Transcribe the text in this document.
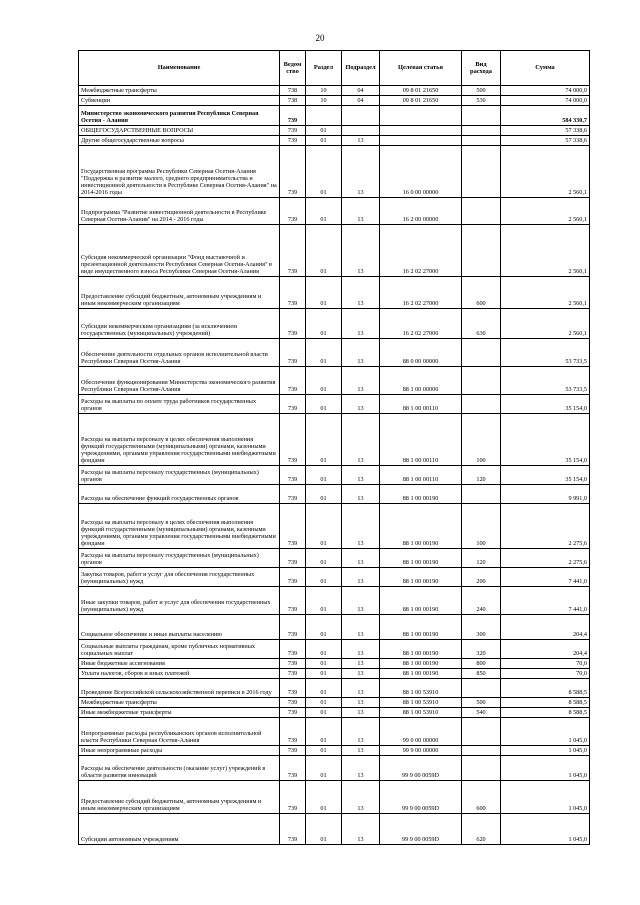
20
Наименование	Ведом ство	Раздел	Подраздел	Целевая статья	Вид расхода	Сумма
Межбюджетные трансферты	738	10	04	09 8 01 21650	500	74 000,0
Субвенции	738	10	04	09 8 01 21650	530	74 000,0
Министерство экономического развития Республики Северная Осетия - Алания	739					584 330,7
ОБЩЕГОСУДАРСТВЕННЫЕ ВОПРОСЫ	739	01				57 338,6
Другие общегосударственные вопросы	739	01	13			57 338,6
Государственная программа Республики Северная Осетия-Алания "Поддержка и развитие малого, среднего предпринимательства и инвестиционной деятельности в Республике Северная Осетия-Алания" на 2014-2016 годы	739	01	13	16 0 00 00000		2 560,1
Подпрограмма "Развитие инвестиционной деятельности в Республике Северная Осетия-Алания" на 2014 - 2016 годы	739	01	13	16 2 00 00000		2 560,1
Субсидия некоммерческой организации "Фонд выставочной и презентационной деятельности Республики Северная Осетия-Алания" в виде имущественного взноса Республики Северная Осетия-Алания	739	01	13	16 2 02 27000		2 560,1
Предоставление субсидий бюджетным, автономным учреждениям и иным некоммерческим организациям	739	01	13	16 2 02 27000	600	2 560,1
Субсидии некоммерческим организациям (за исключением государственных (муниципальных) учреждений)	739	01	13	16 2 02 27000	630	2 560,1
Обеспечение деятельности отдельных органов исполнительной власти Республики Северная Осетия-Алания	739	01	13	88 0 00 00000		53 733,5
Обеспечение функционирования Министерства экономического развития Республики Северная Осетия-Алания	739	01	13	88 1 00 00000		53 733,5
Расходы на выплаты по оплате труда работников государственных органов	739	01	13	88 1 00 00110		35 154,0
Расходы на выплаты персоналу в целях обеспечения выполнения функций государственными (муниципальными) органами, казенными учреждениями, органами управления государственными внебюджетными фондами	739	01	13	88 1 00 00110	100	35 154,0
Расходы на выплаты персоналу государственных (муниципальных) органов	739	01	13	88 1 00 00110	120	35 154,0
Расходы на обеспечение функций государственных органов	739	01	13	88 1 00 00190		9 991,0
Расходы на выплаты персоналу в целях обеспечения выполнения функций государственными (муниципальными) органами, казенными учреждениями, органами управления государственными внебюджетными фондами	739	01	13	88 1 00 00190	100	2 275,6
Расходы на выплаты персоналу государственных (муниципальных) органов	739	01	13	88 1 00 00190	120	2 275,6
Закупка товаров, работ и услуг для обеспечения государственных (муниципальных) нужд	739	01	13	88 1 00 00190	200	7 441,0
Иные закупки товаров, работ и услуг для обеспечения государственных (муниципальных) нужд	739	01	13	88 1 00 00190	240	7 441,0
Социальное обеспечение и иные выплаты населению	739	01	13	88 1 00 00190	300	204,4
Социальные выплаты гражданам, кроме публичных нормативных социальных выплат	739	01	13	88 1 00 00190	320	204,4
Иные бюджетные ассигнования	739	01	13	88 1 00 00190	800	70,0
Уплата налогов, сборов и иных платежей	739	01	13	88 1 00 00190	850	70,0
Проведение Всероссийской сельскохозяйственной переписи в 2016 году	739	01	13	88 1 00 53910		8 588,5
Межбюджетные трансферты	739	01	13	88 1 00 53910	500	8 588,5
Иные межбюджетные трансферты	739	01	13	88 1 00 53910	540	8 588,5
Непрограммные расходы республиканских органов исполнительной власти Республики Северная Осетия-Алания	739	01	13	99 0 00 00000		1 045,0
Иные непрограммные расходы	739	01	13	99 9 00 00000		1 045,0
Расходы на обеспечение деятельности (оказание услуг) учреждений в области развития инноваций	739	01	13	99 9 00 0059D		1 045,0
Предоставление субсидий бюджетным, автономным учреждениям и иным некоммерческим организациям	739	01	13	99 9 00 0059D	600	1 045,0
Субсидии автономным учреждениям	739	01	13	99 9 00 0059D	620	1 045,0
